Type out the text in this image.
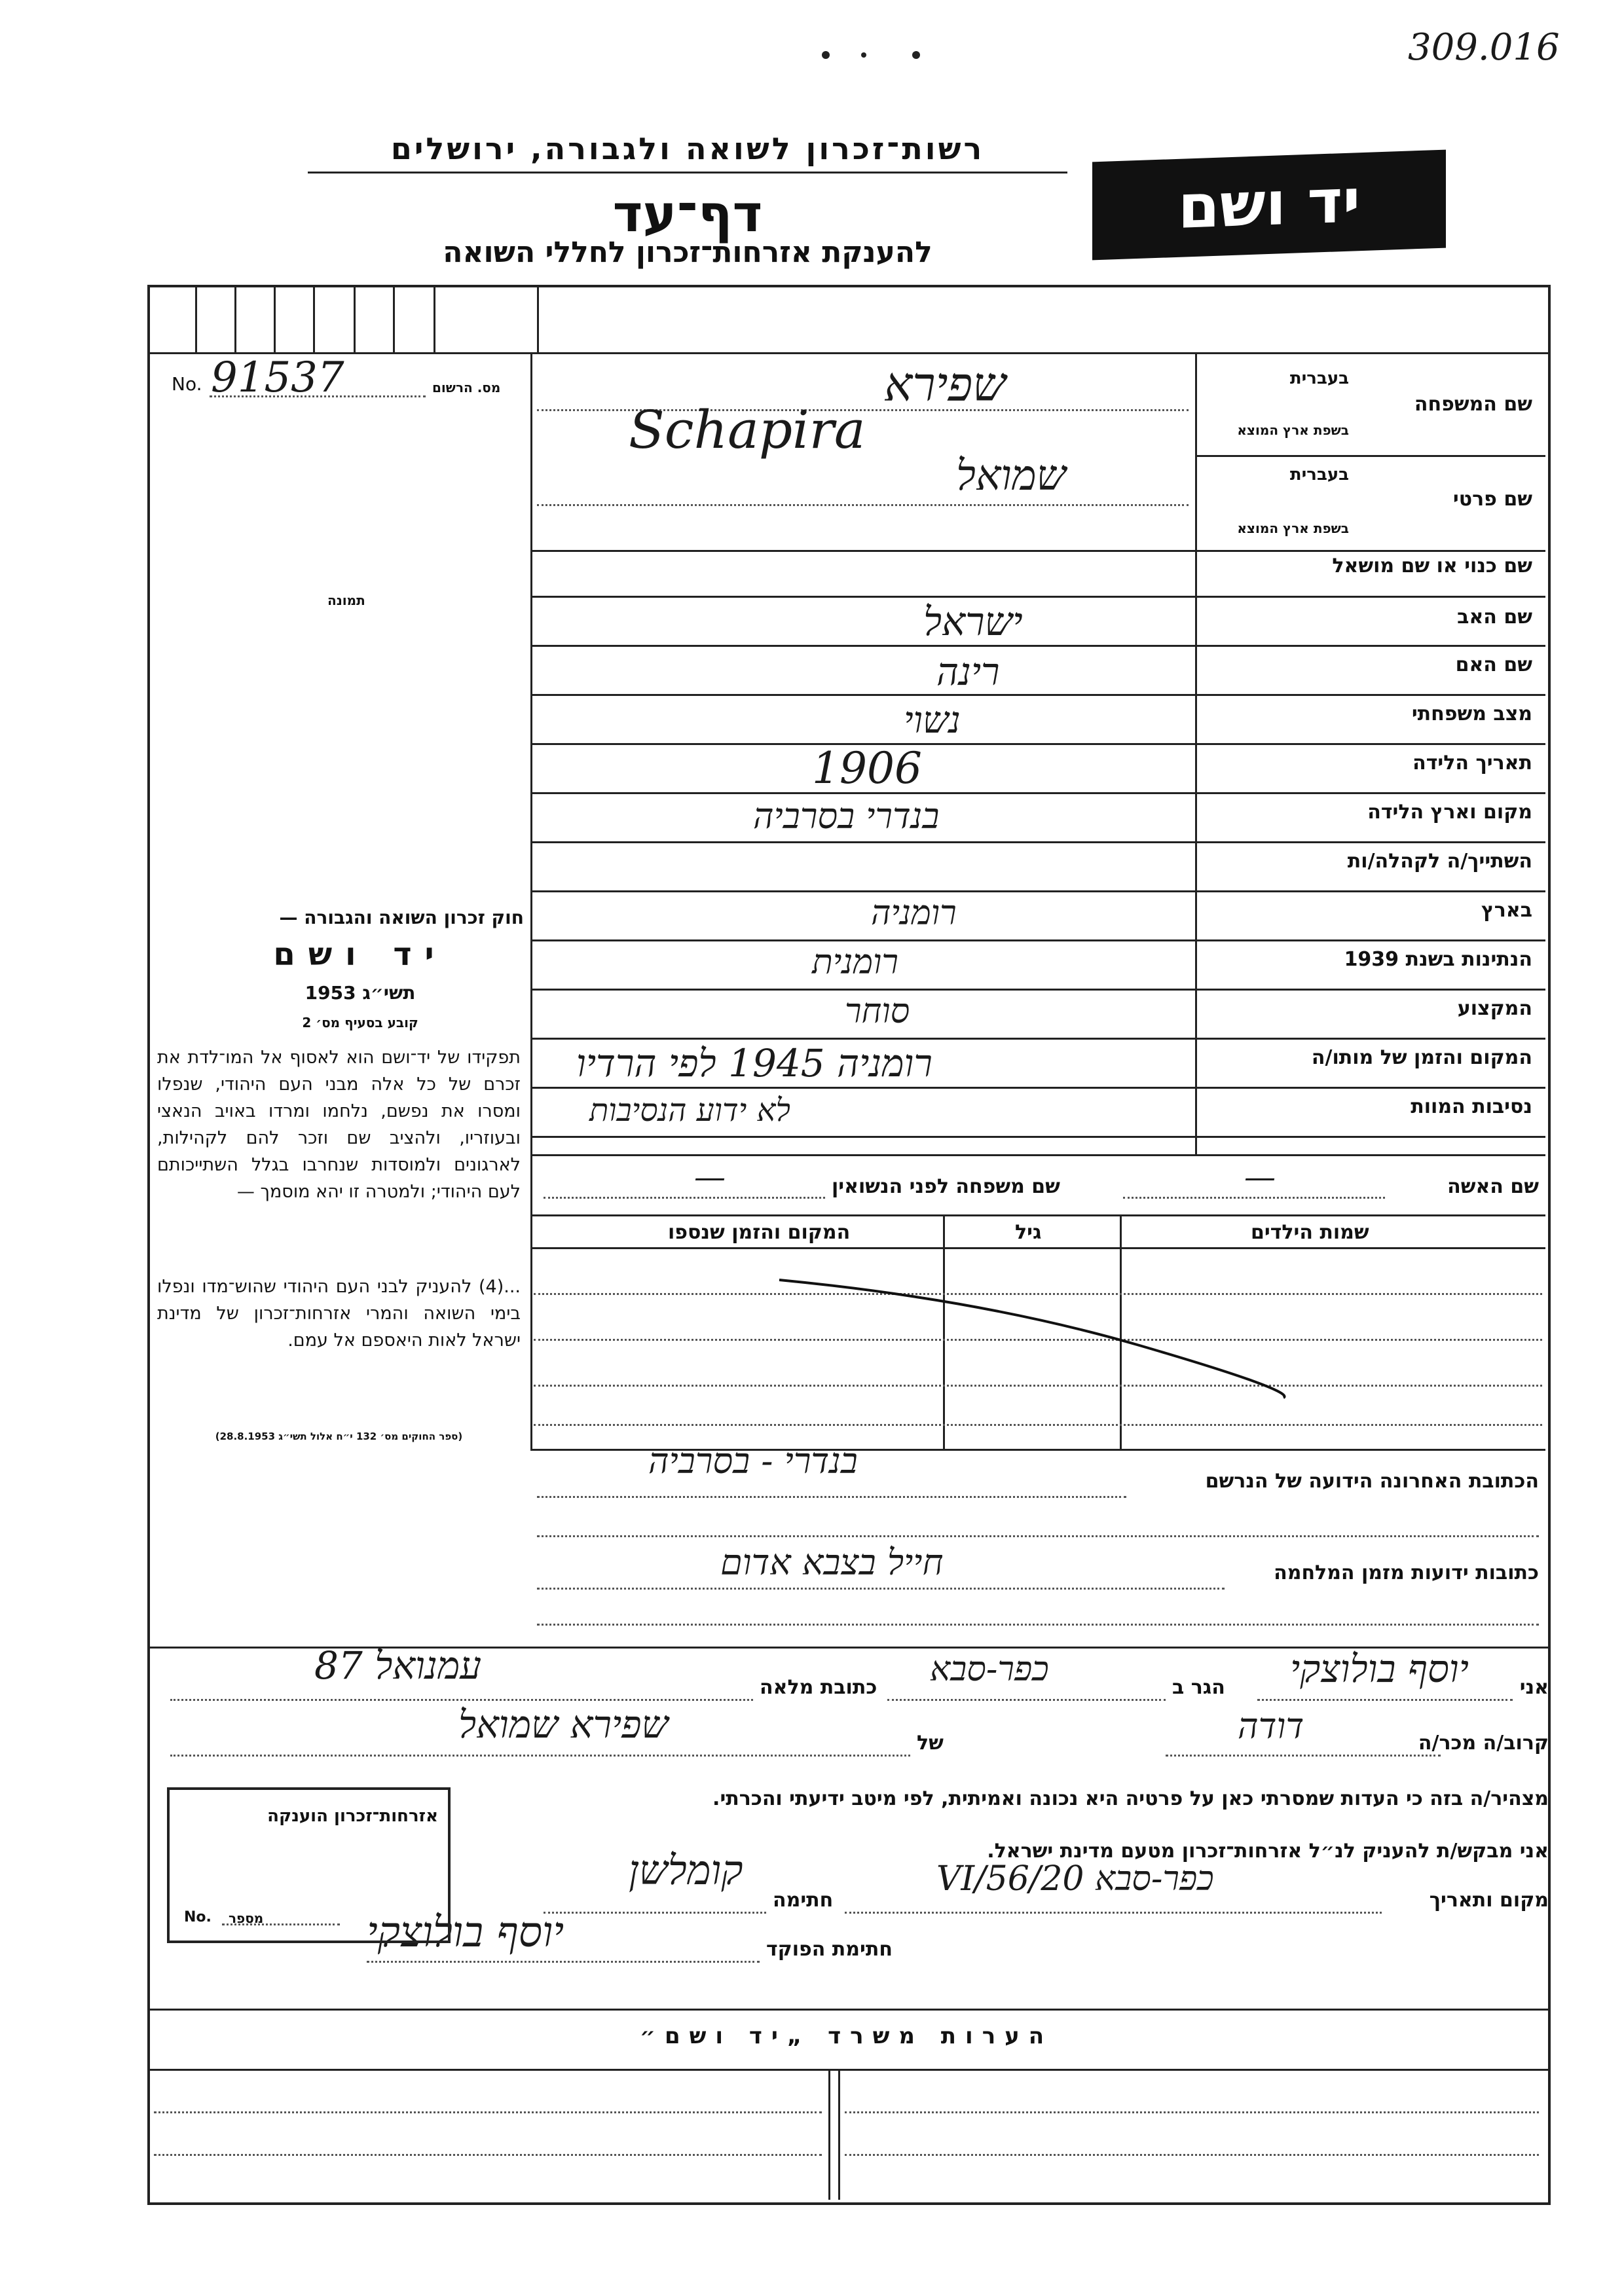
309.016
רשות־זכרון לשואה ולגבורה, ירושלים
דף־עד
להענקת אזרחות־זכרון לחללי השואה
יד ושם
No. 91537	מס. הרשום
תמונה
חוק זכרון השואה והגבורה —
יד ושם
תשי״ג 1953
קובע בסעיף מס׳ 2
תפקידו של יד־ושם הוא לאסוף אל המו־לדת את זכרם של כל אלה מבני העם היהודי, שנפלו ומסרו את נפשם, נלחמו ומרדו באויב הנאצי ובעוזריו, ולהציב שם וזכר להם לקהילות, לארגונים ולמוסדות שנחרבו בגלל השתייכותם לעם היהודי; ולמטרה זו יהא מוסמך —
...(4) להעניק לבני העם היהודי שהוש־מדו ונפלו בימי השואה והמרי אזרחות־זכרון של מדינת ישראל לאות היאספם אל עמם.
(ספר החוקים מס׳ 132 י״ח אלול תשי״ג 28.8.1953)
שם המשפחה
בעברית
בשפת ארץ המוצא
שם פרטי
בעברית
בשפת ארץ המוצא
שם כנוי או שם מושאל
שם האב
שם האם
מצב משפחתי
תאריך הלידה
מקום וארץ הלידה
השתייך/ה לקהלה/ות
בארץ
הנתינות בשנת 1939
המקצוע
המקום והזמן של מותו/ה
נסיבות המוות
שפירא
Schapira
שמואל
ישראל
רינה
נשוי
1906
בנדרי בסרביה
רומניה
רומנית
סוחר
רומניה 1945 לפי הרדיו
לא ידוע הנסיבות
שם האשה
—
שם משפחה לפני הנשואין
—
שמות הילדים
גיל
המקום והזמן שנספו
הכתובת האחרונה הידועה של הנרשם
בנדרי - בסרביה
כתובות ידועות מזמן המלחמה
חייל בצבא אדום
אני
יוסף בולוצקי
הגר ב
כפר-סבא
כתובת מלאה
עמנואל 87
קרוב/ה מכר/ה
דודה
של
שפירא שמואל
מצהיר/ה בזה כי העדות שמסרתי כאן על פרטיה היא נכונה ואמיתית, לפי מיטב ידיעתי והכרתי.
אני מבקש/ת להעניק לנ״ל אזרחות־זכרון מטעם מדינת ישראל.
מקום ותאריך
כפר-סבא 20/VI/56
חתימה
קומלשן
חתימת הפוקד
יוסף בולוצקי
אזרחות־זכרון הוענקה
No. מספר
הערות משרד „יד ושם״
